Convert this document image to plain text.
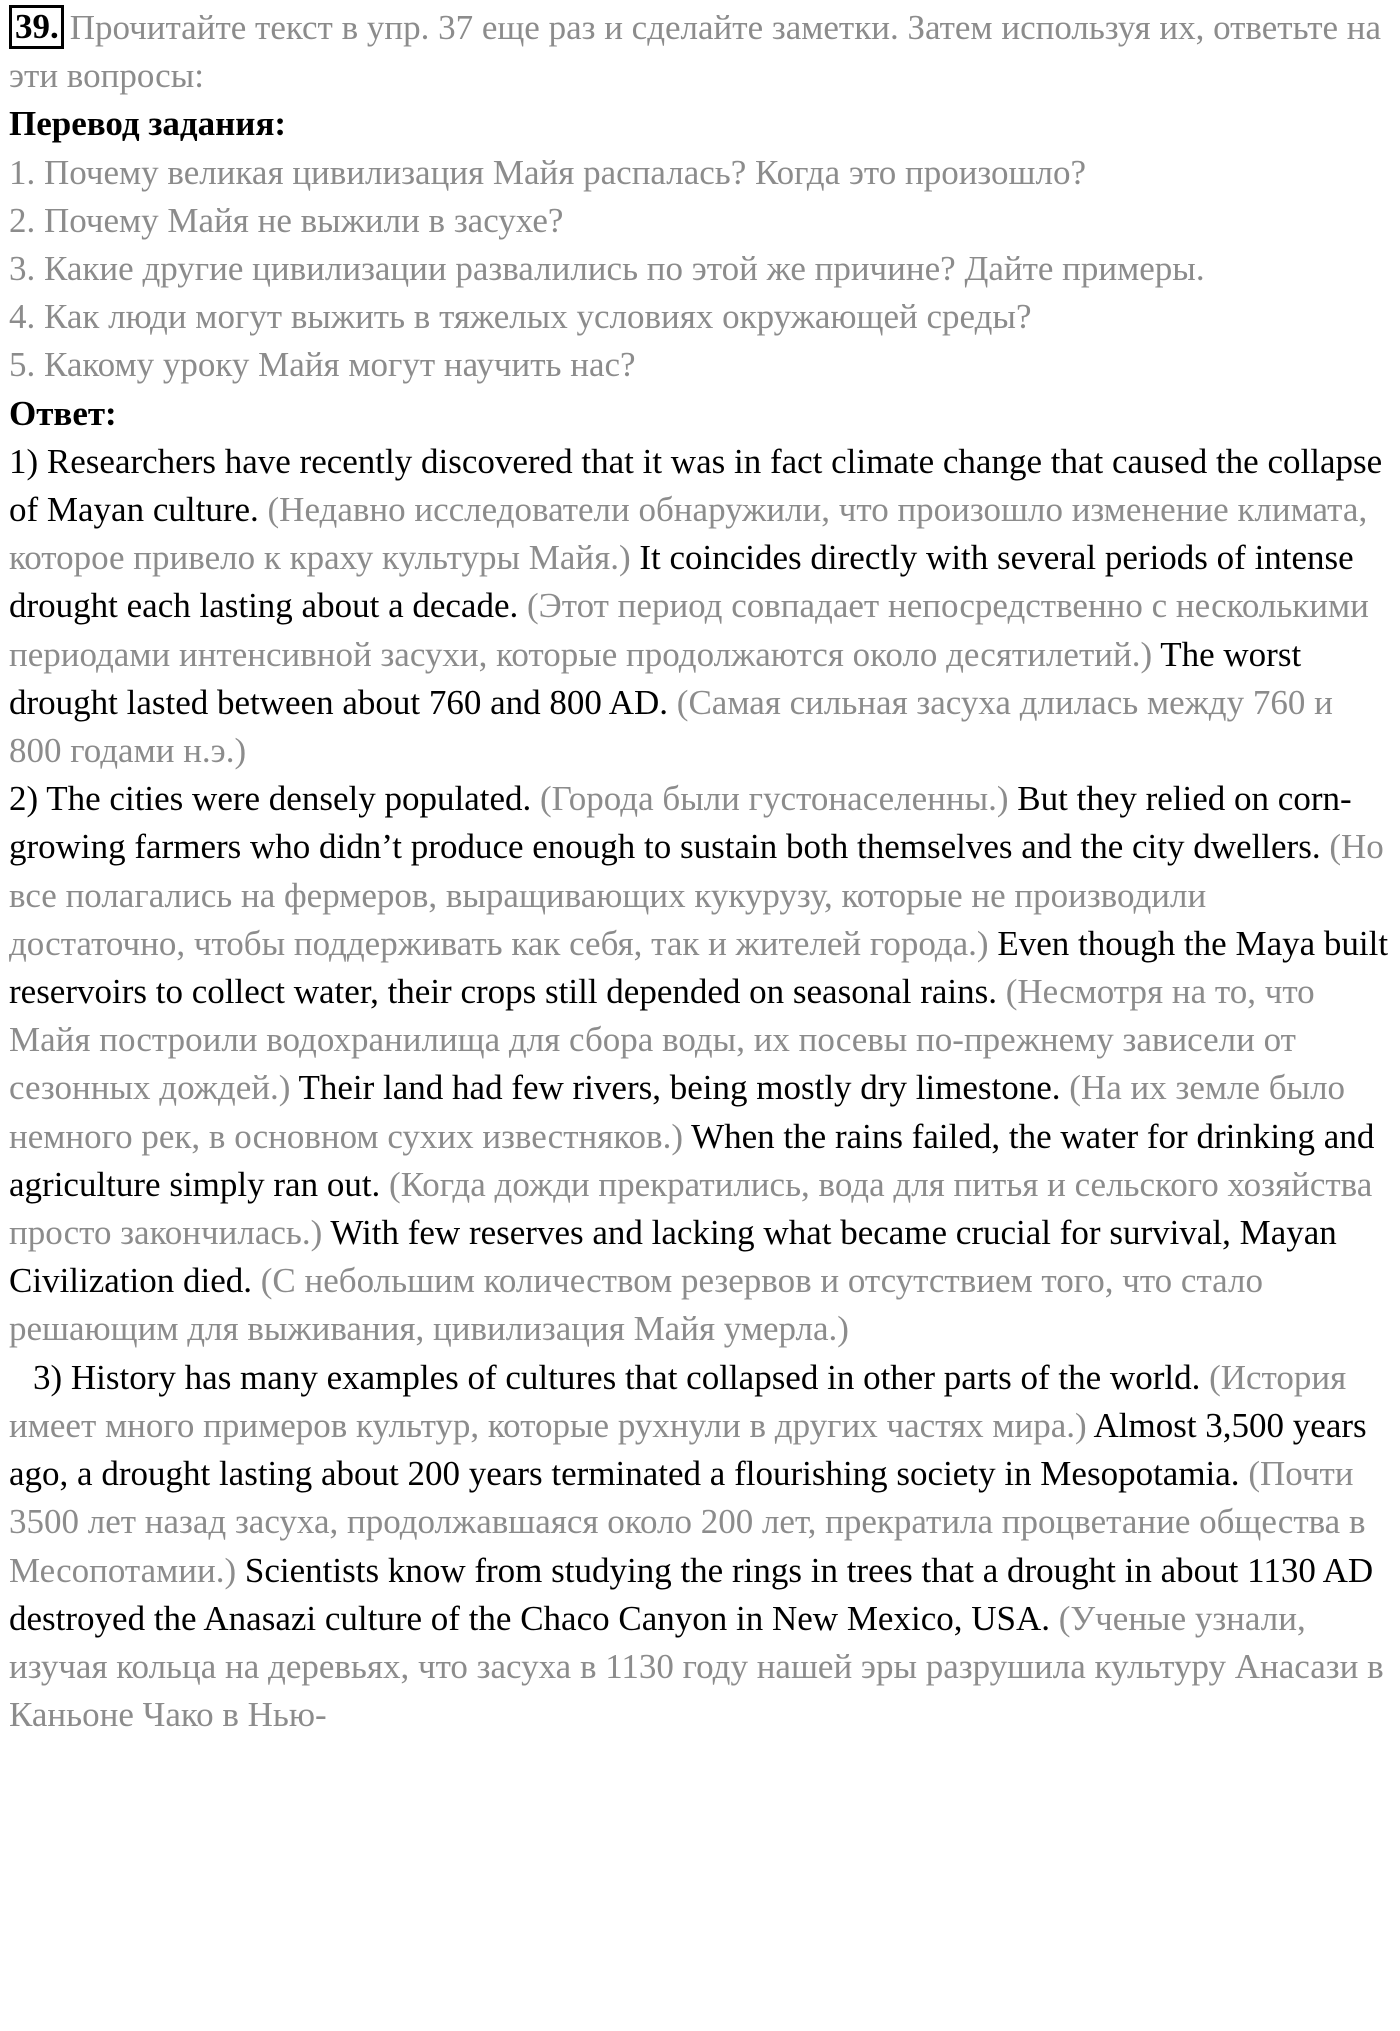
39. Прочитайте текст в упр. 37 еще раз и сделайте заметки. Затем используя их, ответьте на эти вопросы:

Перевод задания:

1. Почему великая цивилизация Майя распалась? Когда это произошло?

2. Почему Майя не выжили в засухе?

3. Какие другие цивилизации развалились по этой же причине? Дайте примеры.

4. Как люди могут выжить в тяжелых условиях окружающей среды?

5. Какому уроку Майя могут научить нас?

Ответ:

1) Researchers have recently discovered that it was in fact climate change that caused the collapse of Mayan culture. (Недавно исследователи обнаружили, что произошло изменение климата, которое привело к краху культуры Майя.) It coincides directly with several periods of intense drought each lasting about a decade. (Этот период совпадает непосредственно с несколькими периодами интенсивной засухи, которые продолжаются около десятилетий.) The worst drought lasted between about 760 and 800 AD. (Самая сильная засуха длилась между 760 и 800 годами н.э.)

2) The cities were densely populated. (Города были густонаселенны.) But they relied on corn-growing farmers who didn’t produce enough to sustain both themselves and the city dwellers. (Но все полагались на фермеров, выращивающих кукурузу, которые не производили достаточно, чтобы поддерживать как себя, так и жителей города.) Even though the Maya built reservoirs to collect water, their crops still depended on seasonal rains. (Несмотря на то, что Майя построили водохранилища для сбора воды, их посевы по-прежнему зависели от сезонных дождей.) Their land had few rivers, being mostly dry limestone. (На их земле было немного рек, в основном сухих известняков.) When the rains failed, the water for drinking and agriculture simply ran out. (Когда дожди прекратились, вода для питья и сельского хозяйства просто закончилась.) With few reserves and lacking what became crucial for survival, Mayan Civilization died. (С небольшим количеством резервов и отсутствием того, что стало решающим для выживания, цивилизация Майя умерла.)

3) History has many examples of cultures that collapsed in other parts of the world. (История имеет много примеров культур, которые рухнули в других частях мира.) Almost 3,500 years ago, a drought lasting about 200 years terminated a flourishing society in Mesopotamia. (Почти 3500 лет назад засуха, продолжавшаяся около 200 лет, прекратила процветание общества в Месопотамии.) Scientists know from studying the rings in trees that a drought in about 1130 AD destroyed the Anasazi culture of the Chaco Canyon in New Mexico, USA. (Ученые узнали, изучая кольца на деревьях, что засуха в 1130 году нашей эры разрушила культуру Анасази в Каньоне Чако в Нью-
